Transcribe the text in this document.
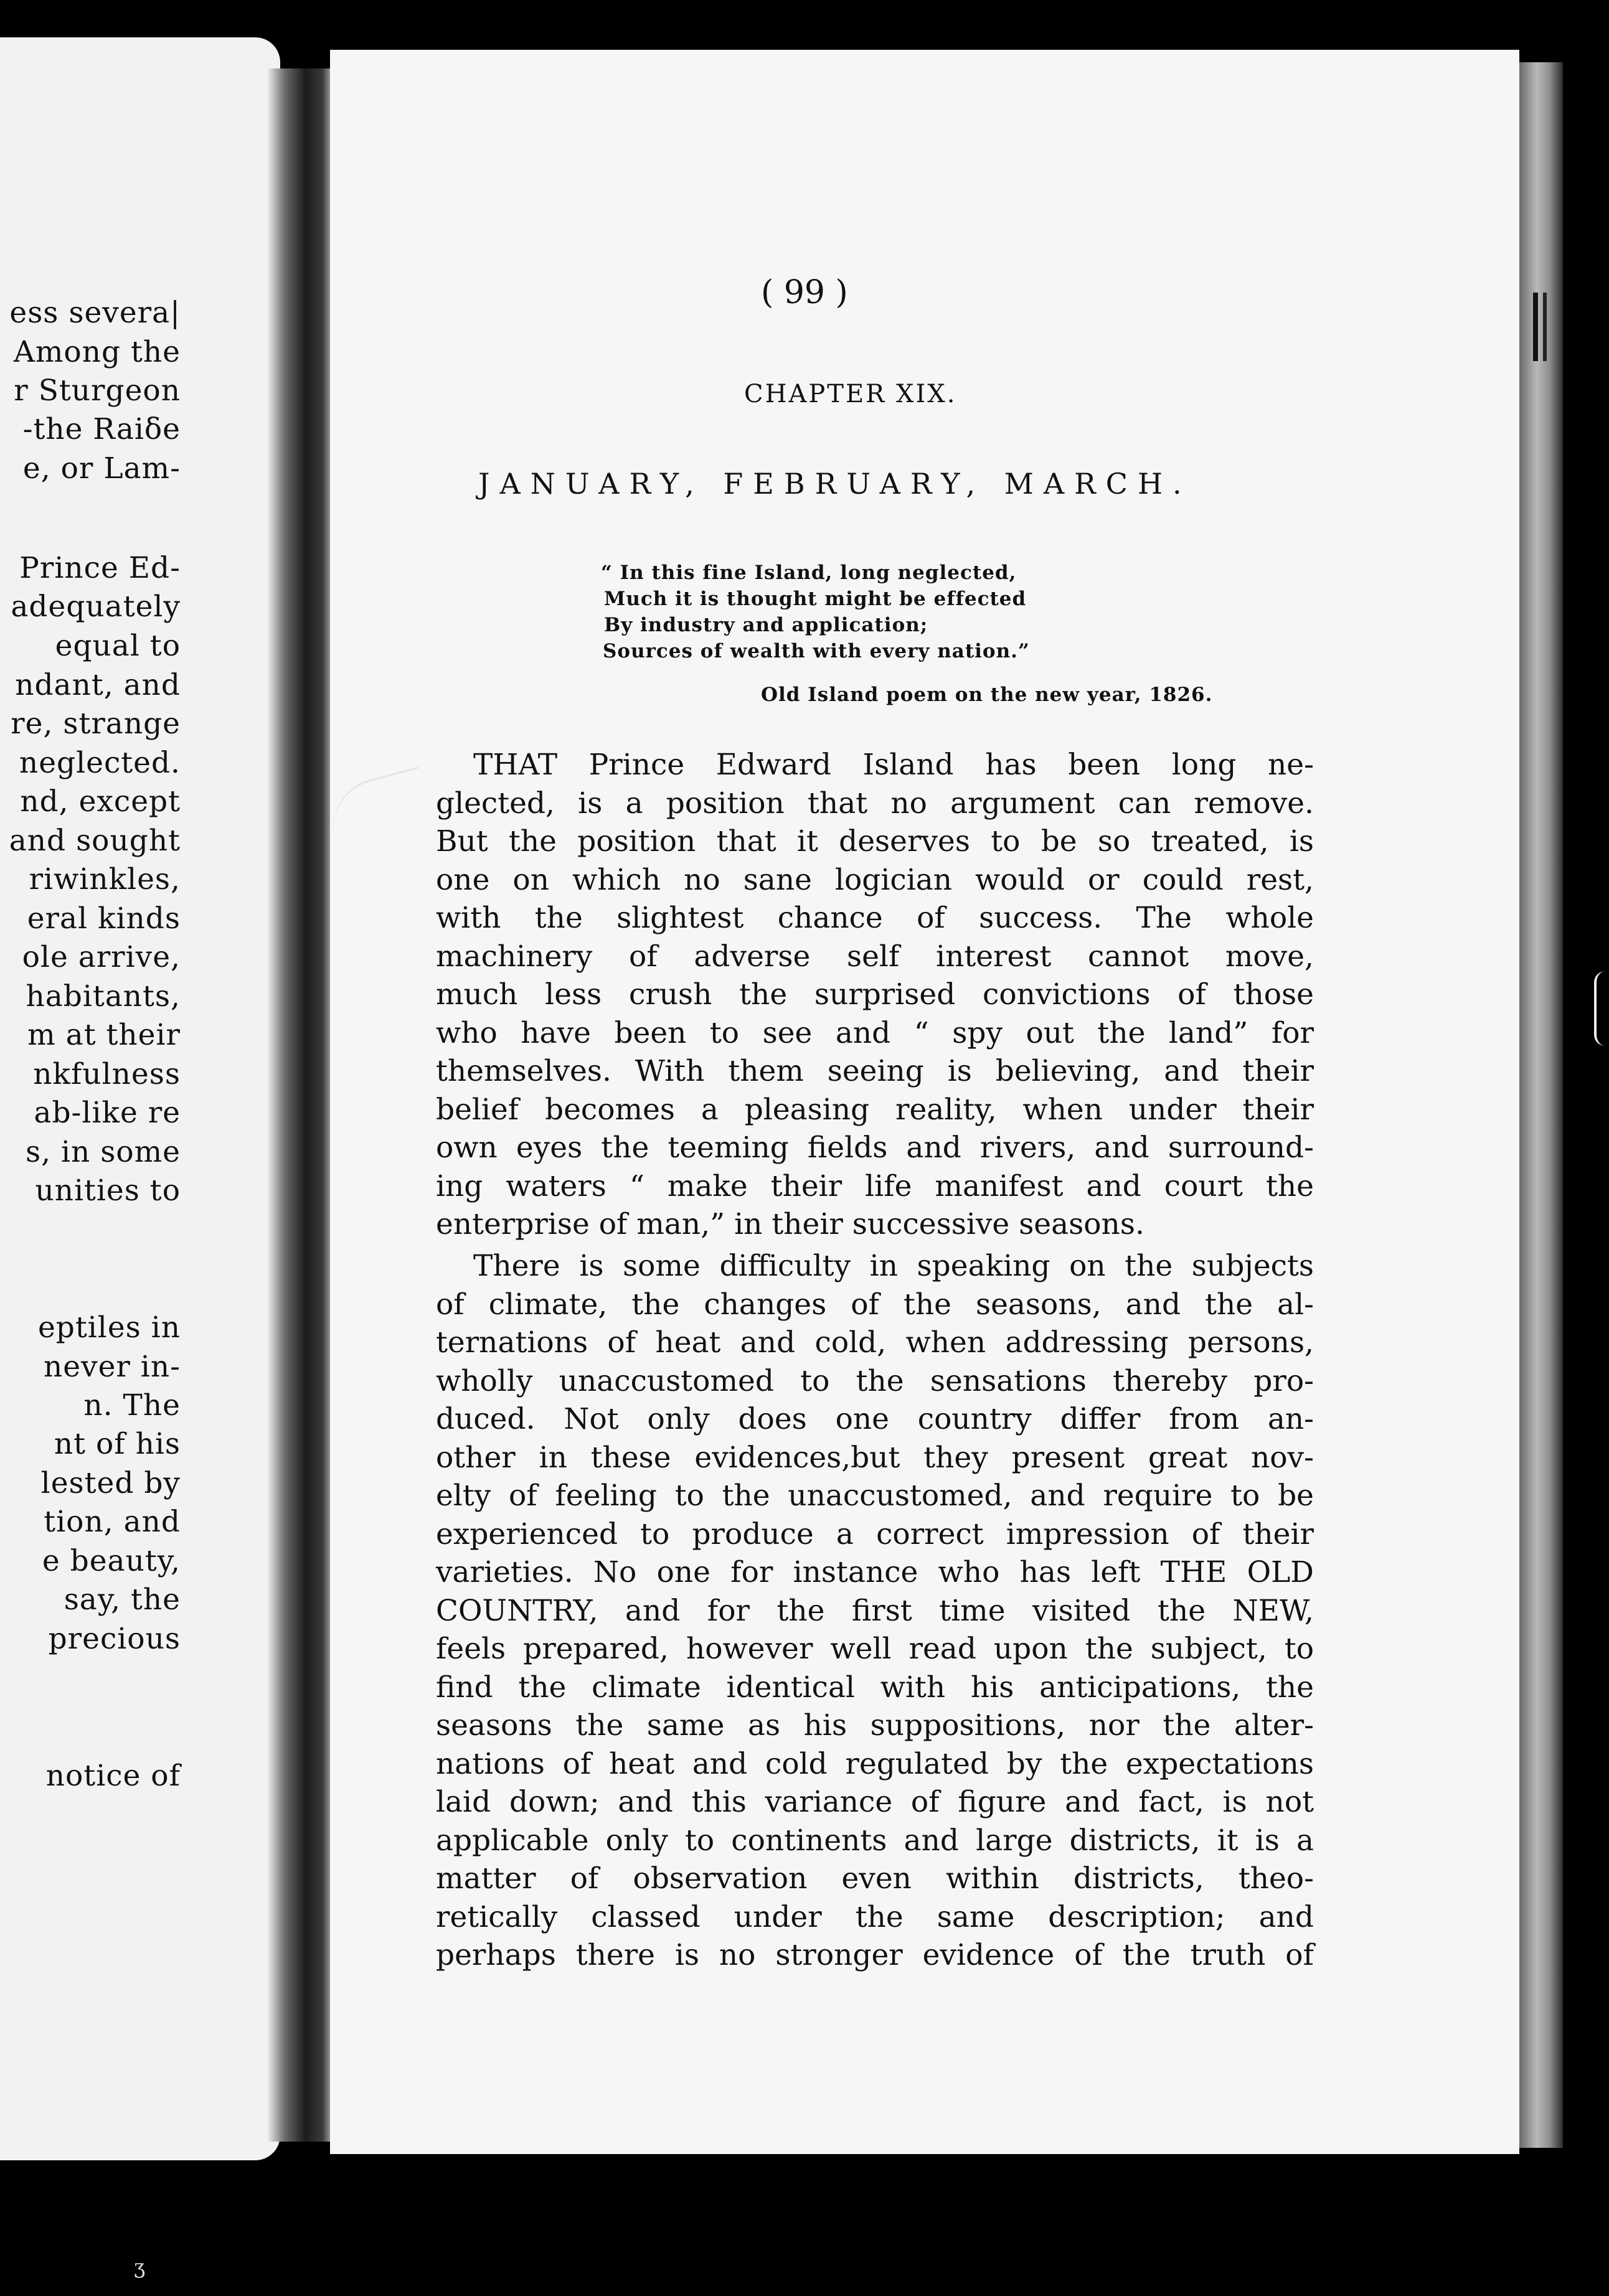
ess severa|
Among the
r Sturgeon
-the Raiẟe
e, or Lam-
Prince Ed-
adequately
equal to
ndant, and
re, strange
neglected.
nd, except
and sought
riwinkles,
eral kinds
ole arrive,
habitants,
m at their
nkfulness
ab-like re
s, in some
unities to
eptiles in
never in-
n. The
nt of his
lested by
tion, and
e beauty,
say, the
precious
notice of
( 99 )
CHAPTER XIX.
JANUARY, FEBRUARY, MARCH.
“ In this fine Island, long neglected,
Much it is thought might be effected
By industry and application;
Sources of wealth with every nation.”
Old Island poem on the new year, 1826.
THAT Prince Edward Island has been long ne-
glected, is a position that no argument can remove.
But the position that it deserves to be so treated, is
one on which no sane logician would or could rest,
with the slightest chance of success. The whole
machinery of adverse self interest cannot move,
much less crush the surprised convictions of those
who have been to see and “ spy out the land” for
themselves. With them seeing is believing, and their
belief becomes a pleasing reality, when under their
own eyes the teeming fields and rivers, and surround-
ing waters “ make their life manifest and court the
enterprise of man,” in their successive seasons.
There is some difficulty in speaking on the subjects
of climate, the changes of the seasons, and the al-
ternations of heat and cold, when addressing persons,
wholly unaccustomed to the sensations thereby pro-
duced. Not only does one country differ from an-
other in these evidences,but they present great nov-
elty of feeling to the unaccustomed, and require to be
experienced to produce a correct impression of their
varieties. No one for instance who has left THE OLD
COUNTRY, and for the first time visited the NEW,
feels prepared, however well read upon the subject, to
find the climate identical with his anticipations, the
seasons the same as his suppositions, nor the alter-
nations of heat and cold regulated by the expectations
laid down; and this variance of figure and fact, is not
applicable only to continents and large districts, it is a
matter of observation even within districts, theo-
retically classed under the same description; and
perhaps there is no stronger evidence of the truth of
ʒ
